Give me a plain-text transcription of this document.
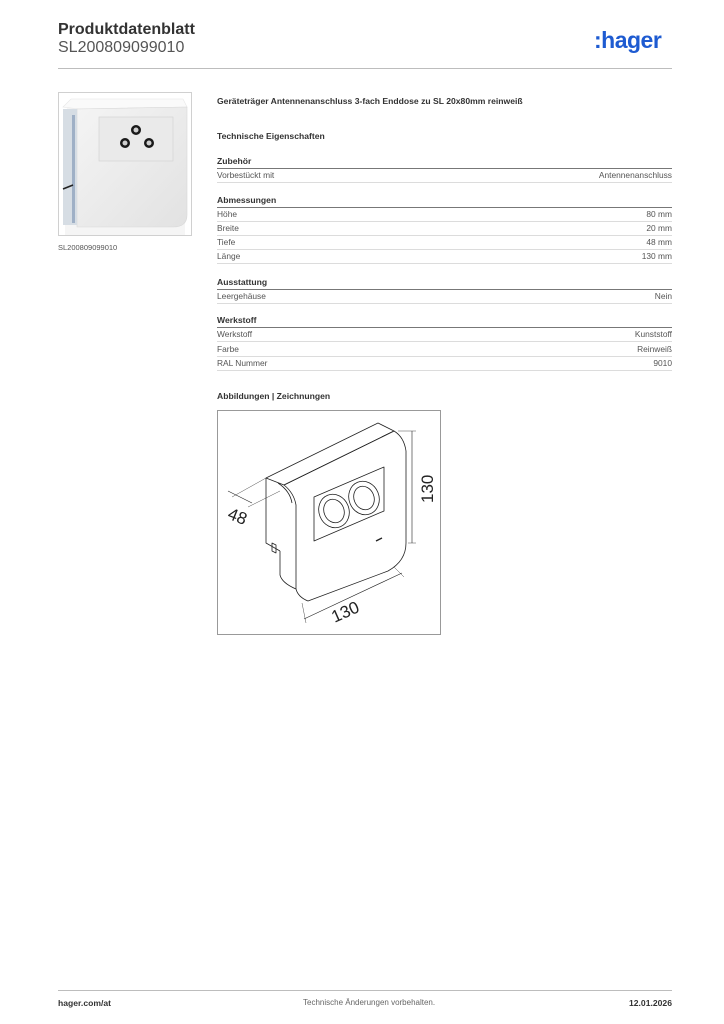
Produktdatenblatt
SL200809099010	:hager
SL200809099010
Geräteträger Antennenanschluss 3-fach Enddose zu SL 20x80mm reinweiß
Technische Eigenschaften
Zubehör
Vorbestückt mit	Antennenanschluss
Abmessungen
Höhe	80 mm
Breite	20 mm
Tiefe	48 mm
Länge	130 mm
Ausstattung
Leergehäuse	Nein
Werkstoff
Werkstoff	Kunststoff
Farbe	Reinweiß
RAL Nummer	9010
Abbildungen | Zeichnungen
48
130
130
hager.com/at	Technische Änderungen vorbehalten.	12.01.2026
